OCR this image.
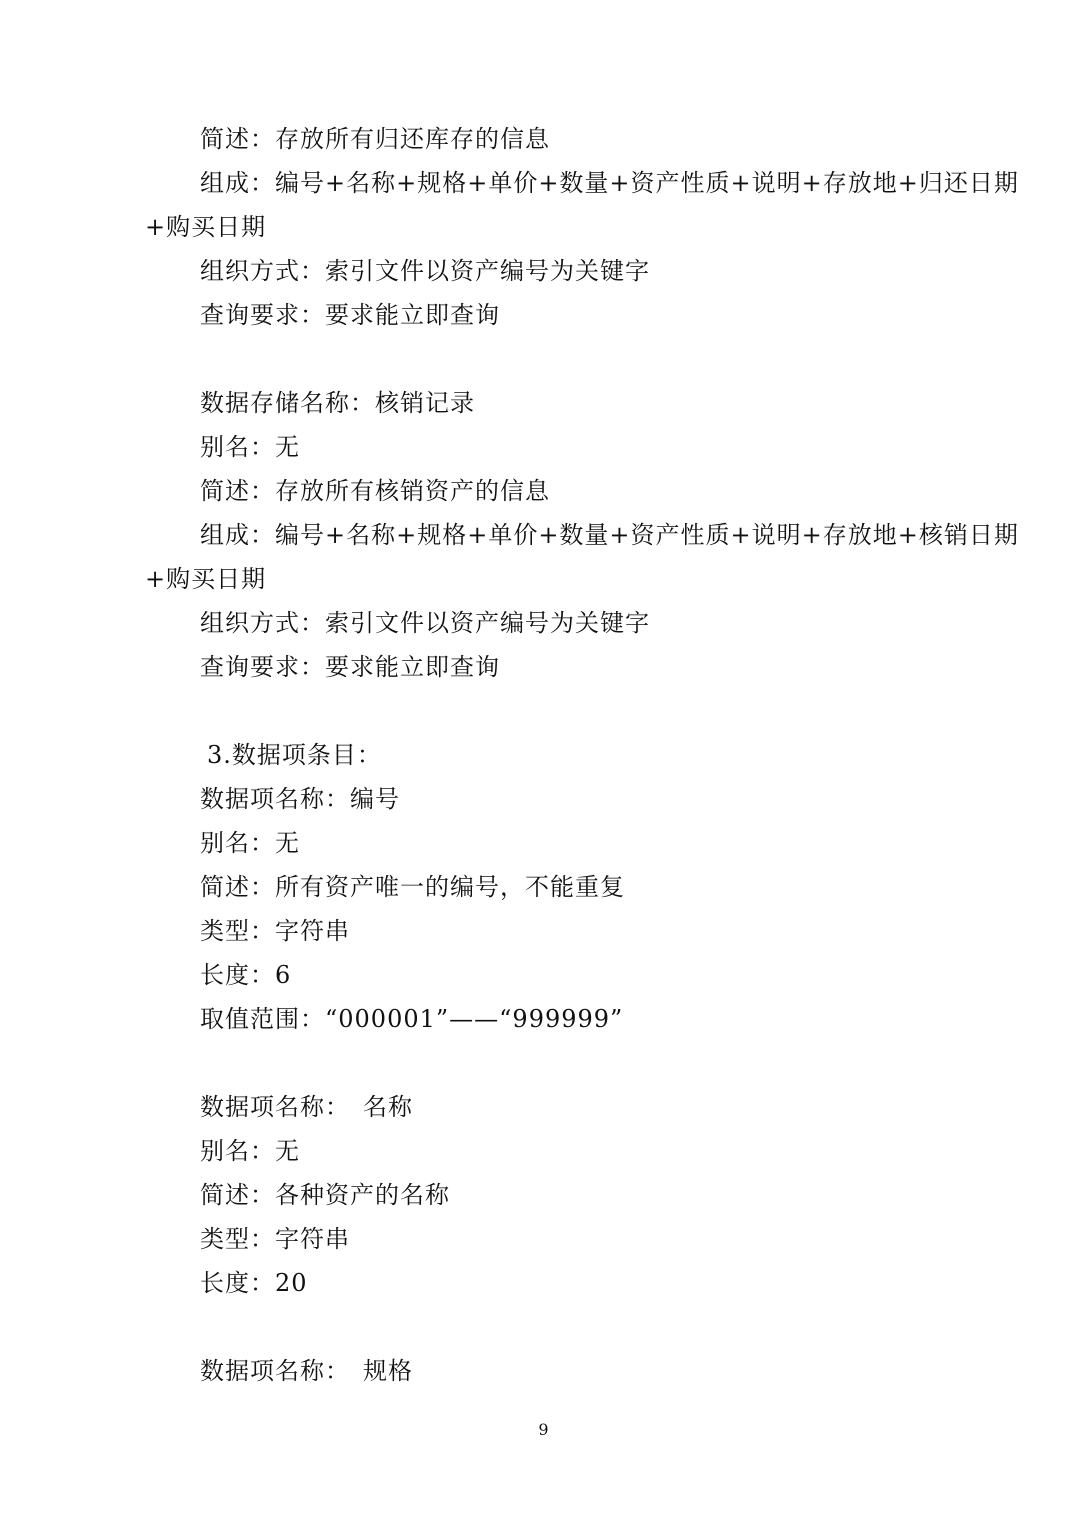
简述：存放所有归还库存的信息
组成：编号+名称+规格+单价+数量+资产性质+说明+存放地+归还日期
+购买日期
组织方式：索引文件以资产编号为关键字
查询要求：要求能立即查询
数据存储名称：核销记录
别名：无
简述：存放所有核销资产的信息
组成：编号+名称+规格+单价+数量+资产性质+说明+存放地+核销日期
+购买日期
组织方式：索引文件以资产编号为关键字
查询要求：要求能立即查询
3.数据项条目：
数据项名称：编号
别名：无
简述：所有资产唯一的编号，不能重复
类型：字符串
长度：6
取值范围：“000001”——“999999”
数据项名称：　名称
别名：无
简述：各种资产的名称
类型：字符串
长度：20
数据项名称：　规格
9
